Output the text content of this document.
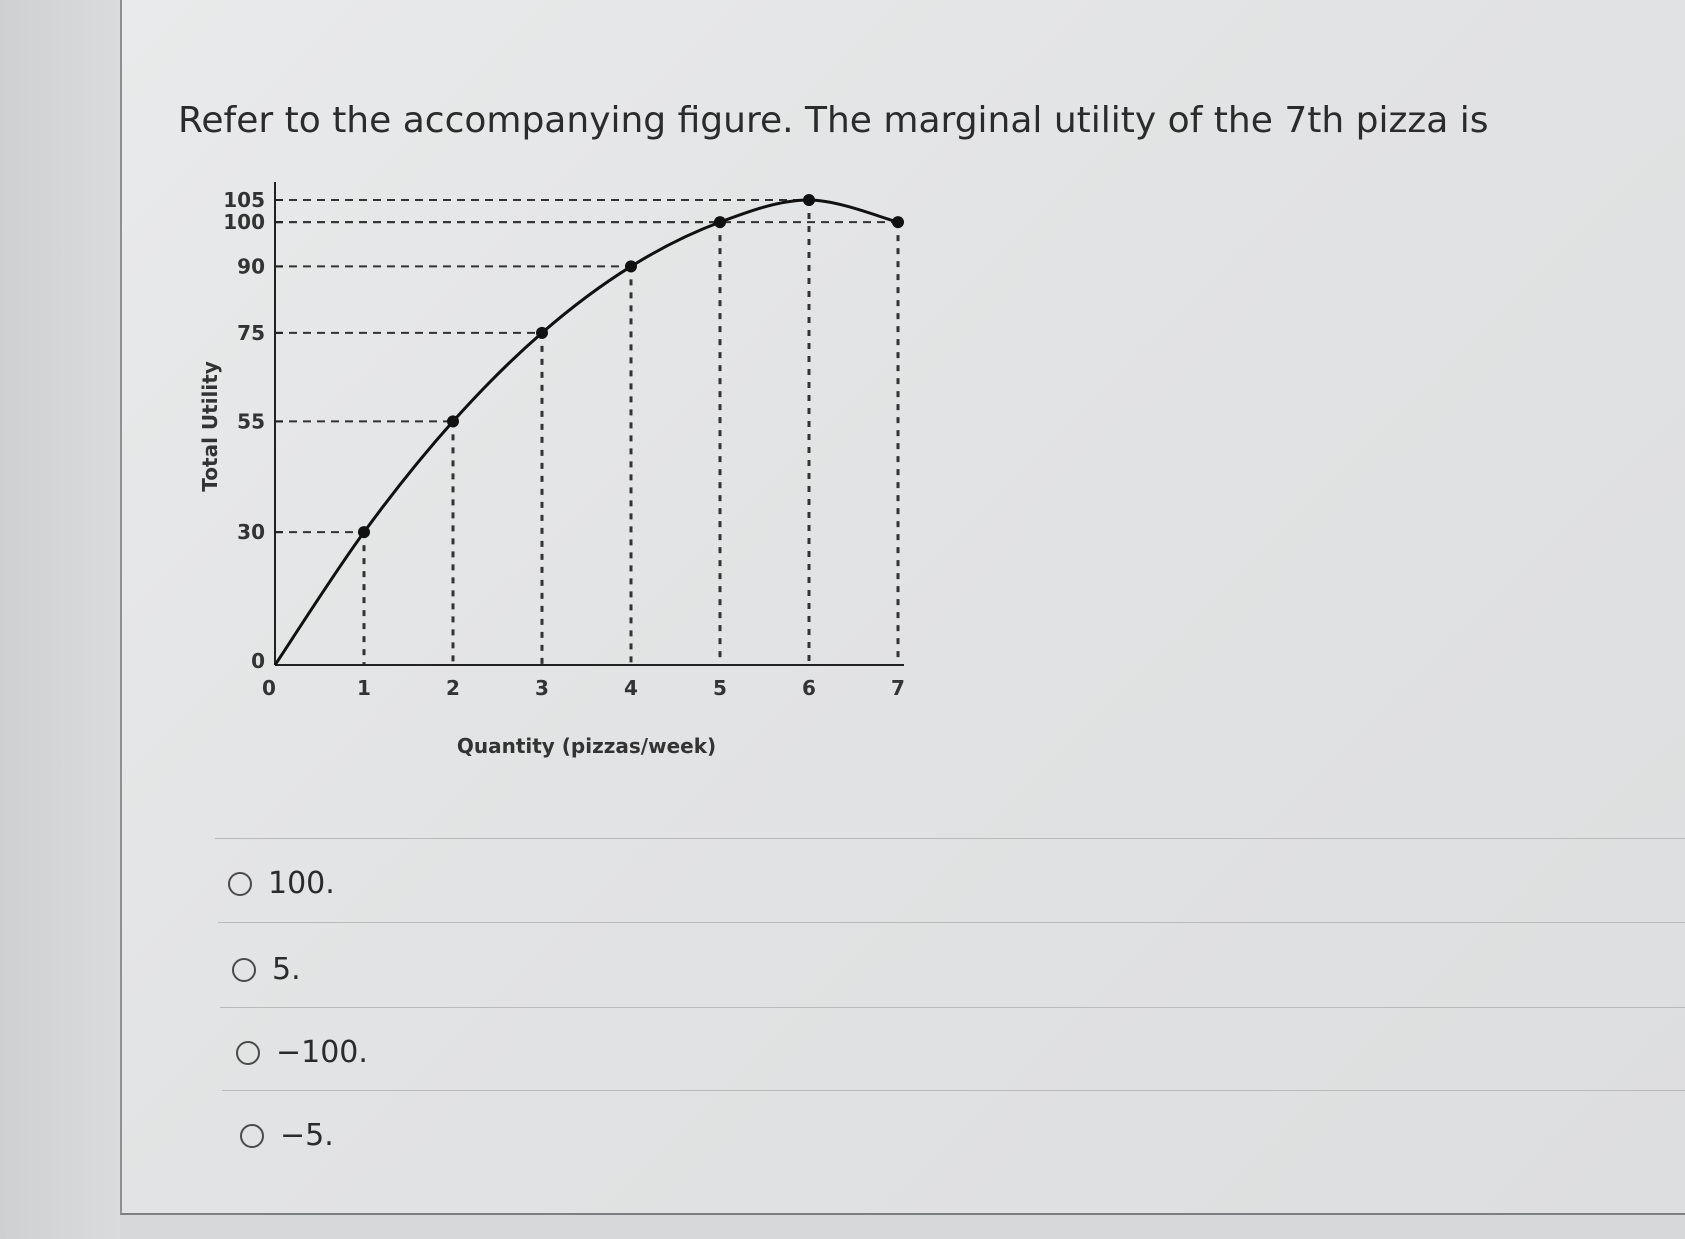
Refer to the accompanying figure. The marginal utility of the 7th pizza is

0
30
55
75
90
100
105
0	1	2	3	4	5	6	7
Total Utility
Quantity (pizzas/week)
100.
5.
−100.
−5.
